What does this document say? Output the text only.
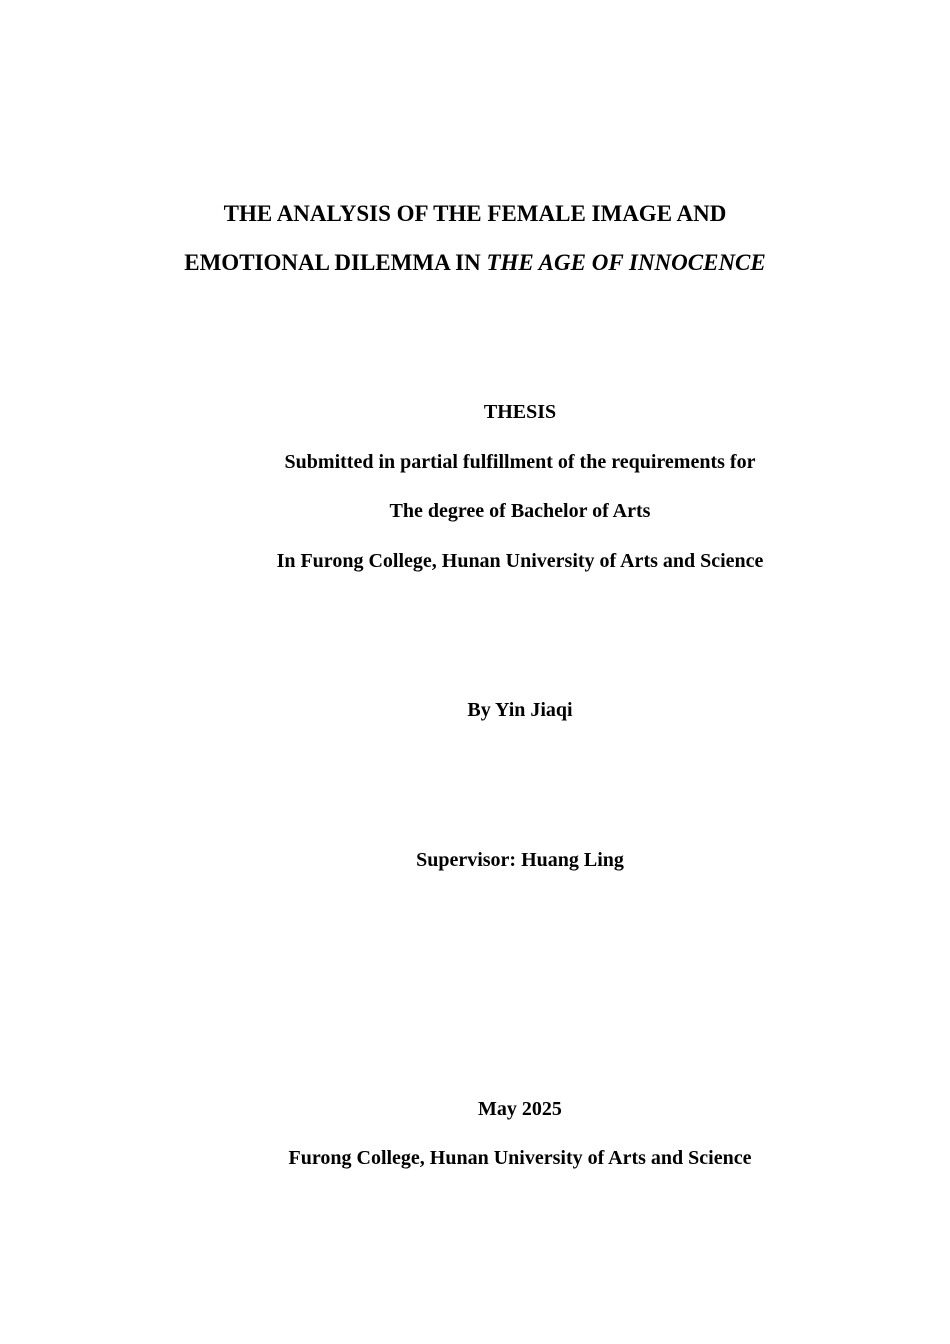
THE ANALYSIS OF THE FEMALE IMAGE AND
EMOTIONAL DILEMMA IN THE AGE OF INNOCENCE

THESIS

Submitted in partial fulfillment of the requirements for

The degree of Bachelor of Arts

In Furong College, Hunan University of Arts and Science

By Yin Jiaqi

Supervisor: Huang Ling

May 2025

Furong College, Hunan University of Arts and Science
